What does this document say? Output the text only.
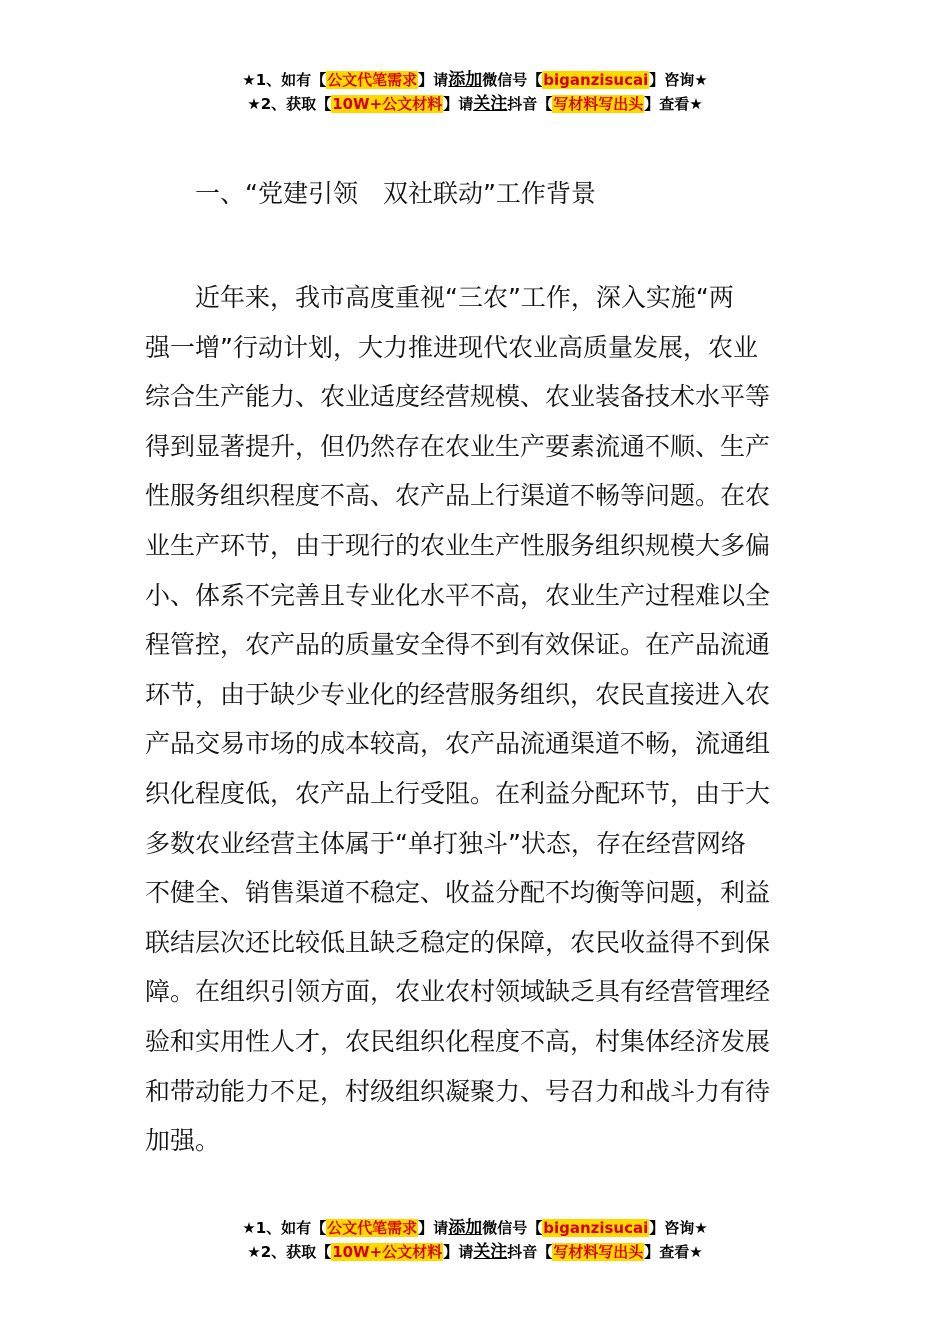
★1、如有【公文代笔需求】请添加微信号【biganzisucai】咨询★
★2、获取【10W+公文材料】请关注抖音【写材料写出头】查看★
一、“党建引领　双社联动”工作背景
　　近年来，我市高度重视“三农”工作，深入实施“两
强一增”行动计划，大力推进现代农业高质量发展，农业
综合生产能力、农业适度经营规模、农业装备技术水平等
得到显著提升，但仍然存在农业生产要素流通不顺、生产
性服务组织程度不高、农产品上行渠道不畅等问题。在农
业生产环节，由于现行的农业生产性服务组织规模大多偏
小、体系不完善且专业化水平不高，农业生产过程难以全
程管控，农产品的质量安全得不到有效保证。在产品流通
环节，由于缺少专业化的经营服务组织，农民直接进入农
产品交易市场的成本较高，农产品流通渠道不畅，流通组
织化程度低，农产品上行受阻。在利益分配环节，由于大
多数农业经营主体属于“单打独斗”状态，存在经营网络
不健全、销售渠道不稳定、收益分配不均衡等问题，利益
联结层次还比较低且缺乏稳定的保障，农民收益得不到保
障。在组织引领方面，农业农村领域缺乏具有经营管理经
验和实用性人才，农民组织化程度不高，村集体经济发展
和带动能力不足，村级组织凝聚力、号召力和战斗力有待
加强。
★1、如有【公文代笔需求】请添加微信号【biganzisucai】咨询★
★2、获取【10W+公文材料】请关注抖音【写材料写出头】查看★
